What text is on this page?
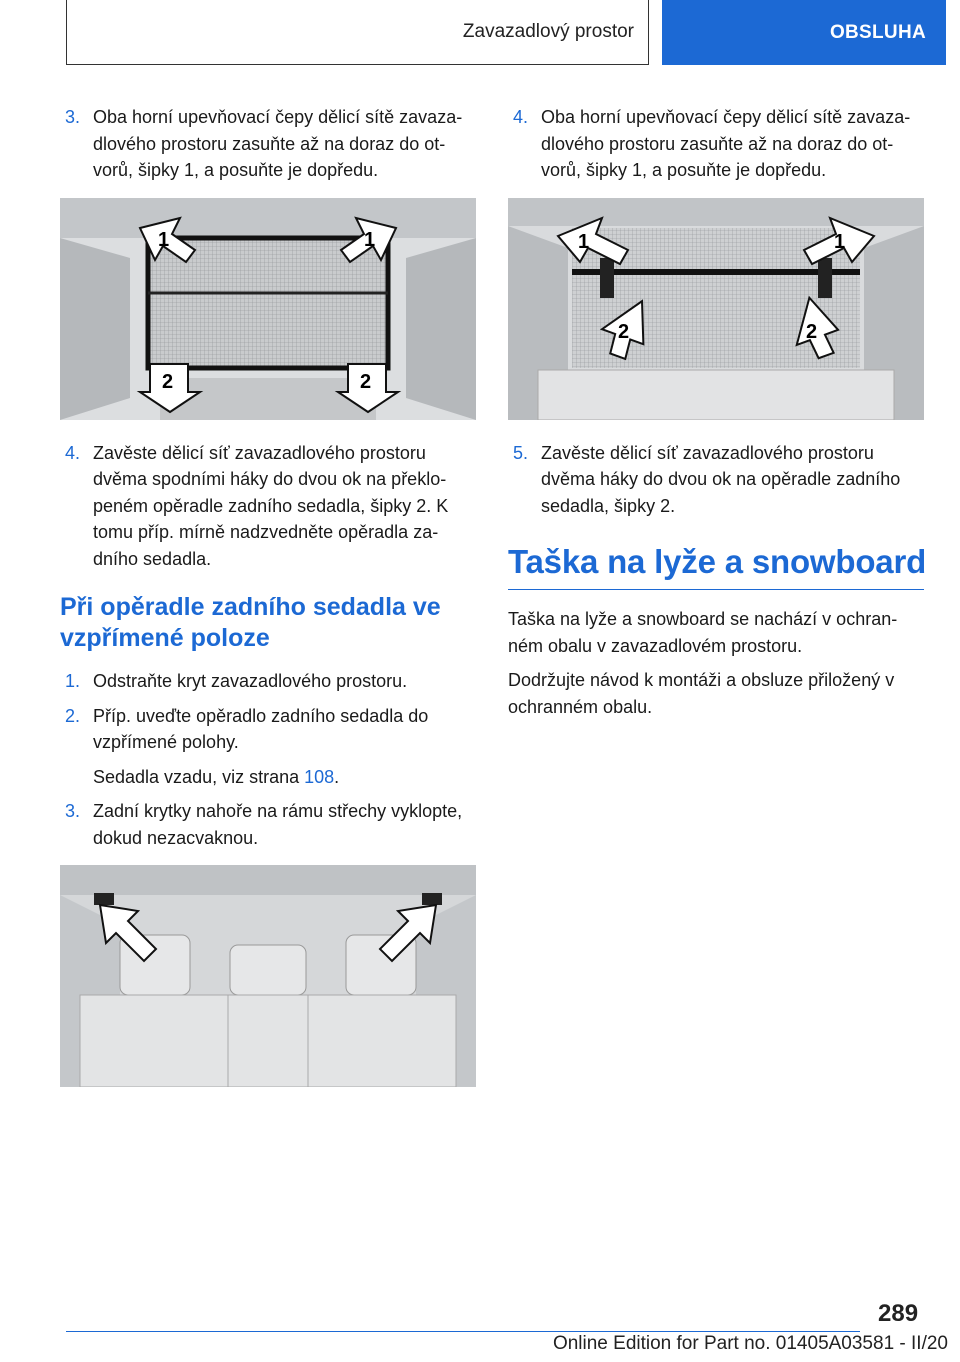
Zavazadlový prostor	OBSLUHA
3. Oba horní upevňovací čepy dělicí sítě zavazadlového prostoru zasuňte až na doraz do otvorů, šipky 1, a posuňte je dopředu.
1	1
2	2
4. Zavěste dělicí síť zavazadlového prostoru dvěma spodními háky do dvou ok na překlopeném opěradle zadního sedadla, šipky 2. K tomu příp. mírně nadzvedněte opěradla zadního sedadla.
Při opěradle zadního sedadla ve vzpřímené poloze
1. Odstraňte kryt zavazadlového prostoru.
2. Příp. uveďte opěradlo zadního sedadla do vzpřímené polohy.
Sedadla vzadu, viz strana 108.
3. Zadní krytky nahoře na rámu střechy vyklopte, dokud nezacvaknou.
4. Oba horní upevňovací čepy dělicí sítě zavazadlového prostoru zasuňte až na doraz do otvorů, šipky 1, a posuňte je dopředu.
1	1
2	2
5. Zavěste dělicí síť zavazadlového prostoru dvěma háky do dvou ok na opěradle zadního sedadla, šipky 2.
Taška na lyže a snowboard
Taška na lyže a snowboard se nachází v ochranném obalu v zavazadlovém prostoru.
Dodržujte návod k montáži a obsluze přiložený v ochranném obalu.
289
Online Edition for Part no. 01405A03581 - II/20
